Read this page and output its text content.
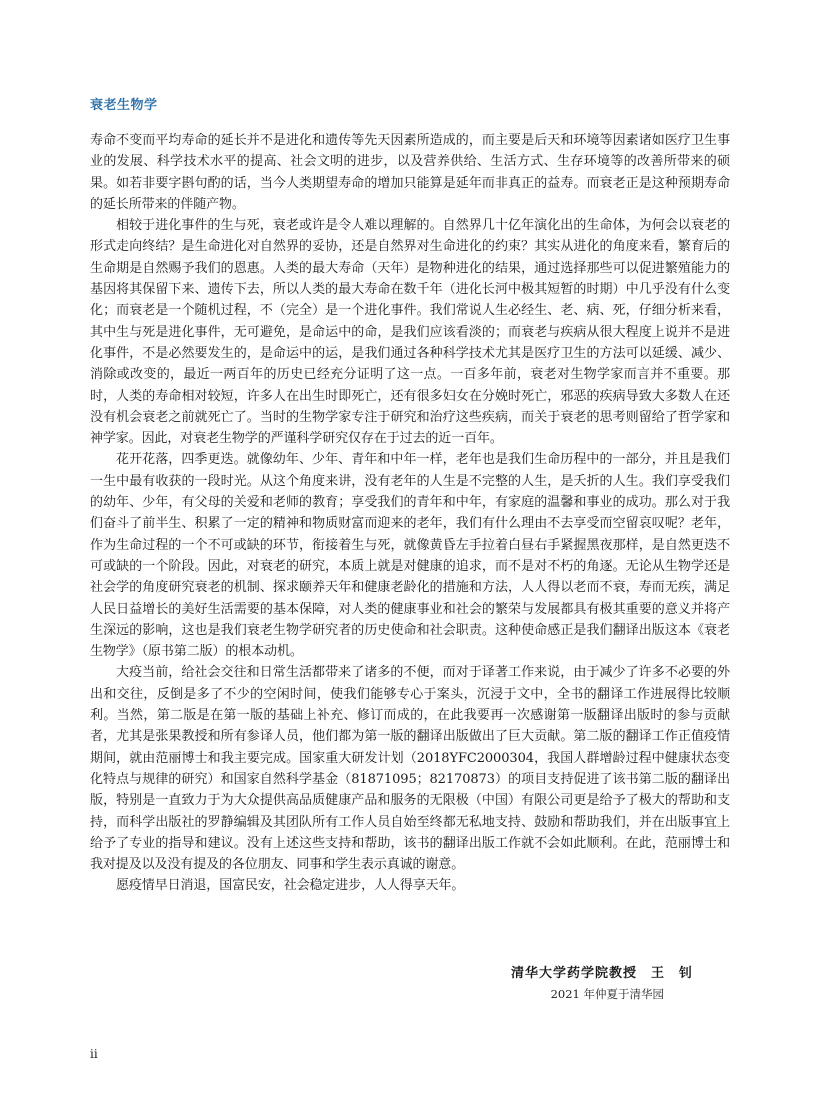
衰老生物学

寿命不变而平均寿命的延长并不是进化和遗传等先天因素所造成的，而主要是后天和环境等因素诸如医疗卫生事业的发展、科学技术水平的提高、社会文明的进步，以及营养供给、生活方式、生存环境等的改善所带来的硕果。如若非要字斟句酌的话，当今人类期望寿命的增加只能算是延年而非真正的益寿。而衰老正是这种预期寿命的延长所带来的伴随产物。

相较于进化事件的生与死，衰老或许是令人难以理解的。自然界几十亿年演化出的生命体，为何会以衰老的形式走向终结？是生命进化对自然界的妥协，还是自然界对生命进化的约束？其实从进化的角度来看，繁育后的生命期是自然赐予我们的恩惠。人类的最大寿命（天年）是物种进化的结果，通过选择那些可以促进繁殖能力的基因将其保留下来、遗传下去，所以人类的最大寿命在数千年（进化长河中极其短暂的时期）中几乎没有什么变化；而衰老是一个随机过程，不（完全）是一个进化事件。我们常说人生必经生、老、病、死，仔细分析来看，其中生与死是进化事件，无可避免，是命运中的命，是我们应该看淡的；而衰老与疾病从很大程度上说并不是进化事件，不是必然要发生的，是命运中的运，是我们通过各种科学技术尤其是医疗卫生的方法可以延缓、减少、消除或改变的，最近一两百年的历史已经充分证明了这一点。一百多年前，衰老对生物学家而言并不重要。那时，人类的寿命相对较短，许多人在出生时即死亡，还有很多妇女在分娩时死亡，邪恶的疾病导致大多数人在还没有机会衰老之前就死亡了。当时的生物学家专注于研究和治疗这些疾病，而关于衰老的思考则留给了哲学家和神学家。因此，对衰老生物学的严谨科学研究仅存在于过去的近一百年。

花开花落，四季更迭。就像幼年、少年、青年和中年一样，老年也是我们生命历程中的一部分，并且是我们一生中最有收获的一段时光。从这个角度来讲，没有老年的人生是不完整的人生，是夭折的人生。我们享受我们的幼年、少年，有父母的关爱和老师的教育；享受我们的青年和中年，有家庭的温馨和事业的成功。那么对于我们奋斗了前半生、积累了一定的精神和物质财富而迎来的老年，我们有什么理由不去享受而空留哀叹呢？老年，作为生命过程的一个不可或缺的环节，衔接着生与死，就像黄昏左手拉着白昼右手紧握黑夜那样，是自然更迭不可或缺的一个阶段。因此，对衰老的研究，本质上就是对健康的追求，而不是对不朽的角逐。无论从生物学还是社会学的角度研究衰老的机制、探求颐养天年和健康老龄化的措施和方法，人人得以老而不衰，寿而无疾，满足人民日益增长的美好生活需要的基本保障，对人类的健康事业和社会的繁荣与发展都具有极其重要的意义并将产生深远的影响，这也是我们衰老生物学研究者的历史使命和社会职责。这种使命感正是我们翻译出版这本《衰老生物学》（原书第二版）的根本动机。

大疫当前，给社会交往和日常生活都带来了诸多的不便，而对于译著工作来说，由于减少了许多不必要的外出和交往，反倒是多了不少的空闲时间，使我们能够专心于案头，沉浸于文中，全书的翻译工作进展得比较顺利。当然，第二版是在第一版的基础上补充、修订而成的，在此我要再一次感谢第一版翻译出版时的参与贡献者，尤其是张果教授和所有参译人员，他们都为第一版的翻译出版做出了巨大贡献。第二版的翻译工作正值疫情期间，就由范丽博士和我主要完成。国家重大研发计划（2018YFC2000304，我国人群增龄过程中健康状态变化特点与规律的研究）和国家自然科学基金（81871095；82170873）的项目支持促进了该书第二版的翻译出版，特别是一直致力于为大众提供高品质健康产品和服务的无限极（中国）有限公司更是给予了极大的帮助和支持，而科学出版社的罗静编辑及其团队所有工作人员自始至终都无私地支持、鼓励和帮助我们，并在出版事宜上给予了专业的指导和建议。没有上述这些支持和帮助，该书的翻译出版工作就不会如此顺利。在此，范丽博士和我对提及以及没有提及的各位朋友、同事和学生表示真诚的谢意。

愿疫情早日消退，国富民安，社会稳定进步，人人得享天年。

清华大学药学院教授　王　钊
2021 年仲夏于清华园
ii
